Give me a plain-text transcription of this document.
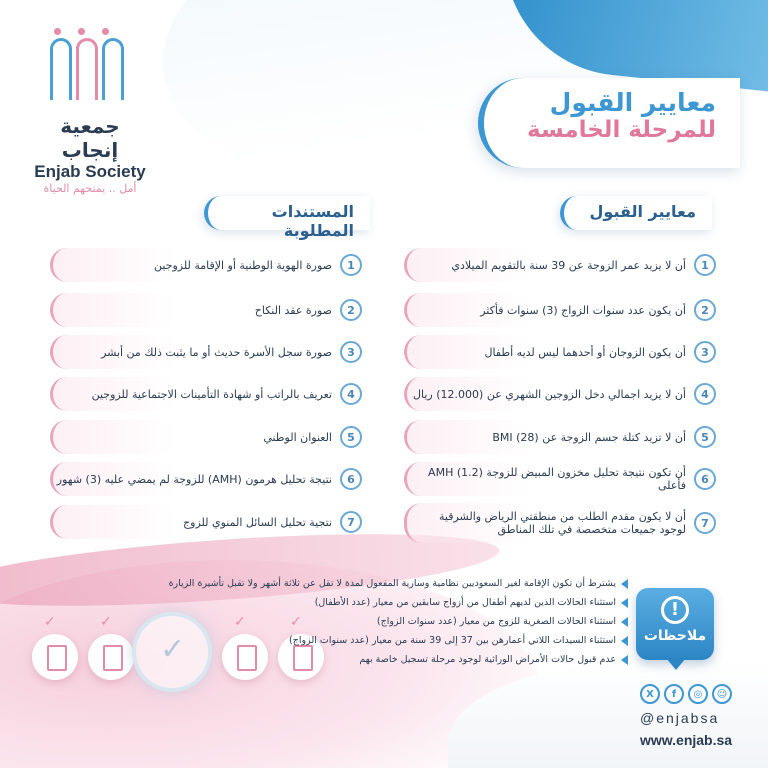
جمعية إنجاب
Enjab Society
أمل .. يمنحهم الحياة
معايير القبول
للمرحلة الخامسة
معايير القبول
المستندات المطلوبة
1
أن لا يزيد عمر الزوجة عن 39 سنة بالتقويم الميلادي
2
أن يكون عدد سنوات الزواج (3) سنوات فأكثر
3
أن يكون الزوجان أو أحدهما ليس لديه أطفال
4
أن لا يزيد اجمالي دخل الزوجين الشهري عن (12.000) ريال
5
أن لا تزيد كتلة جسم الزوجة عن (28) BMI
6
أن تكون نتيجة تحليل مخزون المبيض للزوجة AMH (1.2) فأعلى
7
أن لا يكون مقدم الطلب من منطقتي الرياض والشرقية لوجود جميعات متخصصة في تلك المناطق
1
صورة الهوية الوطنية أو الإقامة للزوجين
2
صورة عقد النكاح
3
صورة سجل الأسرة حديث أو ما يثبت ذلك من أبشر
4
تعريف بالراتب أو شهادة التأمينات الاجتماعية للزوجين
5
العنوان الوطني
6
نتيجة تحليل هرمون (AMH) للزوجة لم يمضي عليه (3) شهور
7
نتجية تحليل السائل المنوي للزوج
✓	✓	✓	✓
✓
!
ملاحظات
يشترط أن تكون الإقامة لغير السعوديين نظامية وسارية المفعول لمدة لا تقل عن ثلاثة أشهر ولا تقبل تأشيرة الزيارة
استثناء الحالات الذين لديهم أطفال من أزواج سابقين من معيار (عدد الأطفال)
استثناء الحالات الصغرية للزوج من معيار (عدد سنوات الزواج)
استثناء السيدات اللاتي أعمارهن بين 37 إلى 39 سنة من معيار (عدد سنوات الزواج)
عدم قبول حالات الأمراض الوراثية لوجود مرحلة تسجيل خاصة بهم
X	f	◎	☺
@enjabsa
www.enjab.sa
